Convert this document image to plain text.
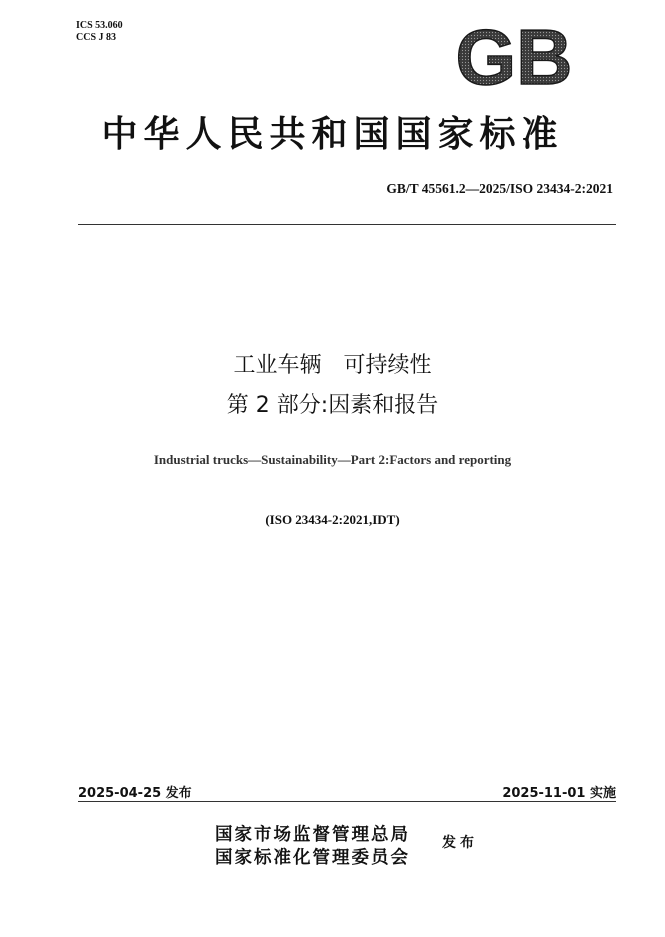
ICS 53.060
CCS J 83	GB
中华人民共和国国家标准
GB/T 45561.2—2025/ISO 23434-2:2021
工业车辆　可持续性
第 2 部分:因素和报告
Industrial trucks—Sustainability—Part 2:Factors and reporting
(ISO 23434-2:2021,IDT)
2025-04-25 发布	2025-11-01 实施
国家市场监督管理总局
国家标准化管理委员会
发布
